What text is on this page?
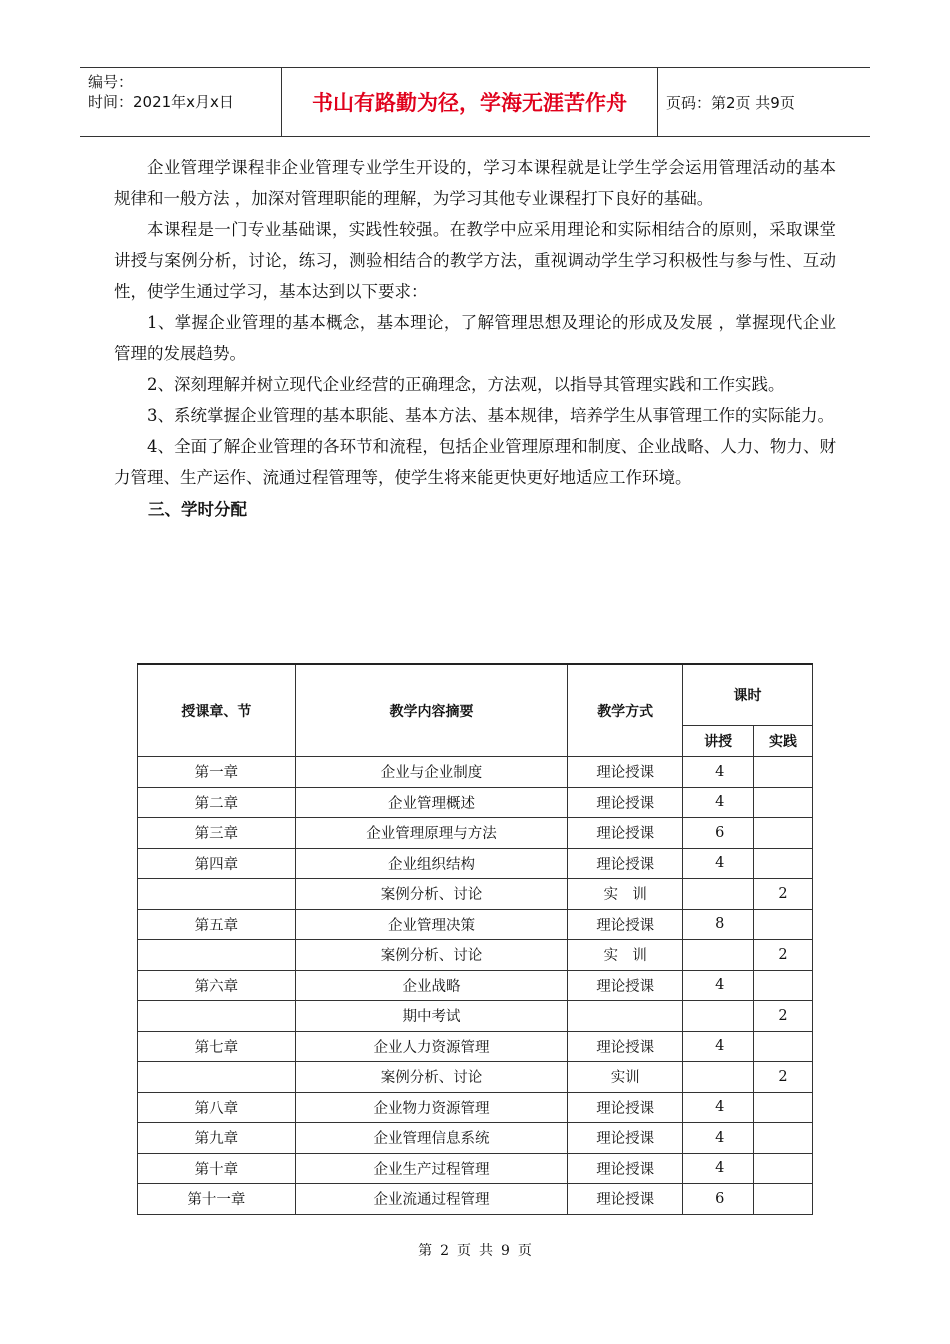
编号：
时间：2021年x月x日	书山有路勤为径，学海无涯苦作舟	页码：第2页 共9页

企业管理学课程非企业管理专业学生开设的，学习本课程就是让学生学会运用管理活动的基本规律和一般方法 ，加深对管理职能的理解，为学习其他专业课程打下良好的基础。

本课程是一门专业基础课，实践性较强。在教学中应采用理论和实际相结合的原则，采取课堂讲授与案例分析，讨论，练习，测验相结合的教学方法，重视调动学生学习积极性与参与性、互动性，使学生通过学习，基本达到以下要求：

1、掌握企业管理的基本概念，基本理论，了解管理思想及理论的形成及发展 ，掌握现代企业管理的发展趋势。

2、深刻理解并树立现代企业经营的正确理念，方法观，以指导其管理实践和工作实践。

3、系统掌握企业管理的基本职能、基本方法、基本规律，培养学生从事管理工作的实际能力。

4、全面了解企业管理的各环节和流程，包括企业管理原理和制度、企业战略、人力、物力、财力管理、生产运作、流通过程管理等，使学生将来能更快更好地适应工作环境。

三、学时分配
授课章、节	教学内容摘要	教学方式	课时	
			讲授	实践
第一章	企业与企业制度	理论授课	4	
第二章	企业管理概述	理论授课	4	
第三章	企业管理原理与方法	理论授课	6	
第四章	企业组织结构	理论授课	4	
	案例分析、讨论	实　训		2
第五章	企业管理决策	理论授课	8	
	案例分析、讨论	实　训		2
第六章	企业战略	理论授课	4	
	期中考试			2
第七章	企业人力资源管理	理论授课	4	
	案例分析、讨论	实训		2
第八章	企业物力资源管理	理论授课	4	
第九章	企业管理信息系统	理论授课	4	
第十章	企业生产过程管理	理论授课	4	
第十一章	企业流通过程管理	理论授课	6	
第 2 页 共 9 页
